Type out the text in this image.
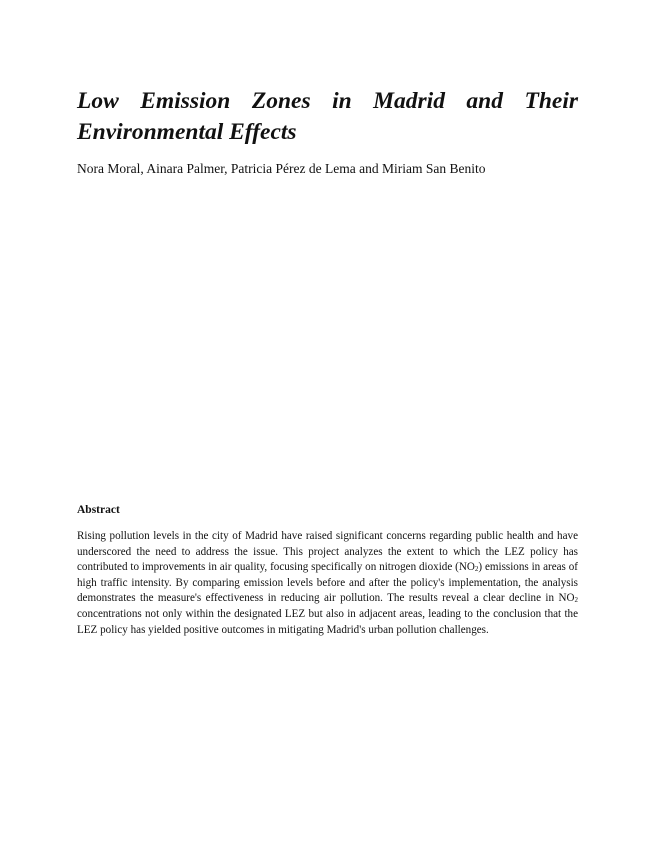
Low Emission Zones in Madrid and Their Environmental Effects

Nora Moral, Ainara Palmer, Patricia Pérez de Lema and Miriam San Benito

Abstract

Rising pollution levels in the city of Madrid have raised significant concerns regarding public health and have underscored the need to address the issue. This project analyzes the extent to which the LEZ policy has contributed to improvements in air quality, focusing specifically on nitrogen dioxide $(NO_2)$ emissions in areas of high traffic intensity. By comparing emission levels before and after the policy's implementation, the analysis demonstrates the measure's effectiveness in reducing air pollution. The results reveal a clear decline in $NO_2$ concentrations not only within the designated LEZ but also in adjacent areas, leading to the conclusion that the LEZ policy has yielded positive outcomes in mitigating Madrid's urban pollution challenges.
